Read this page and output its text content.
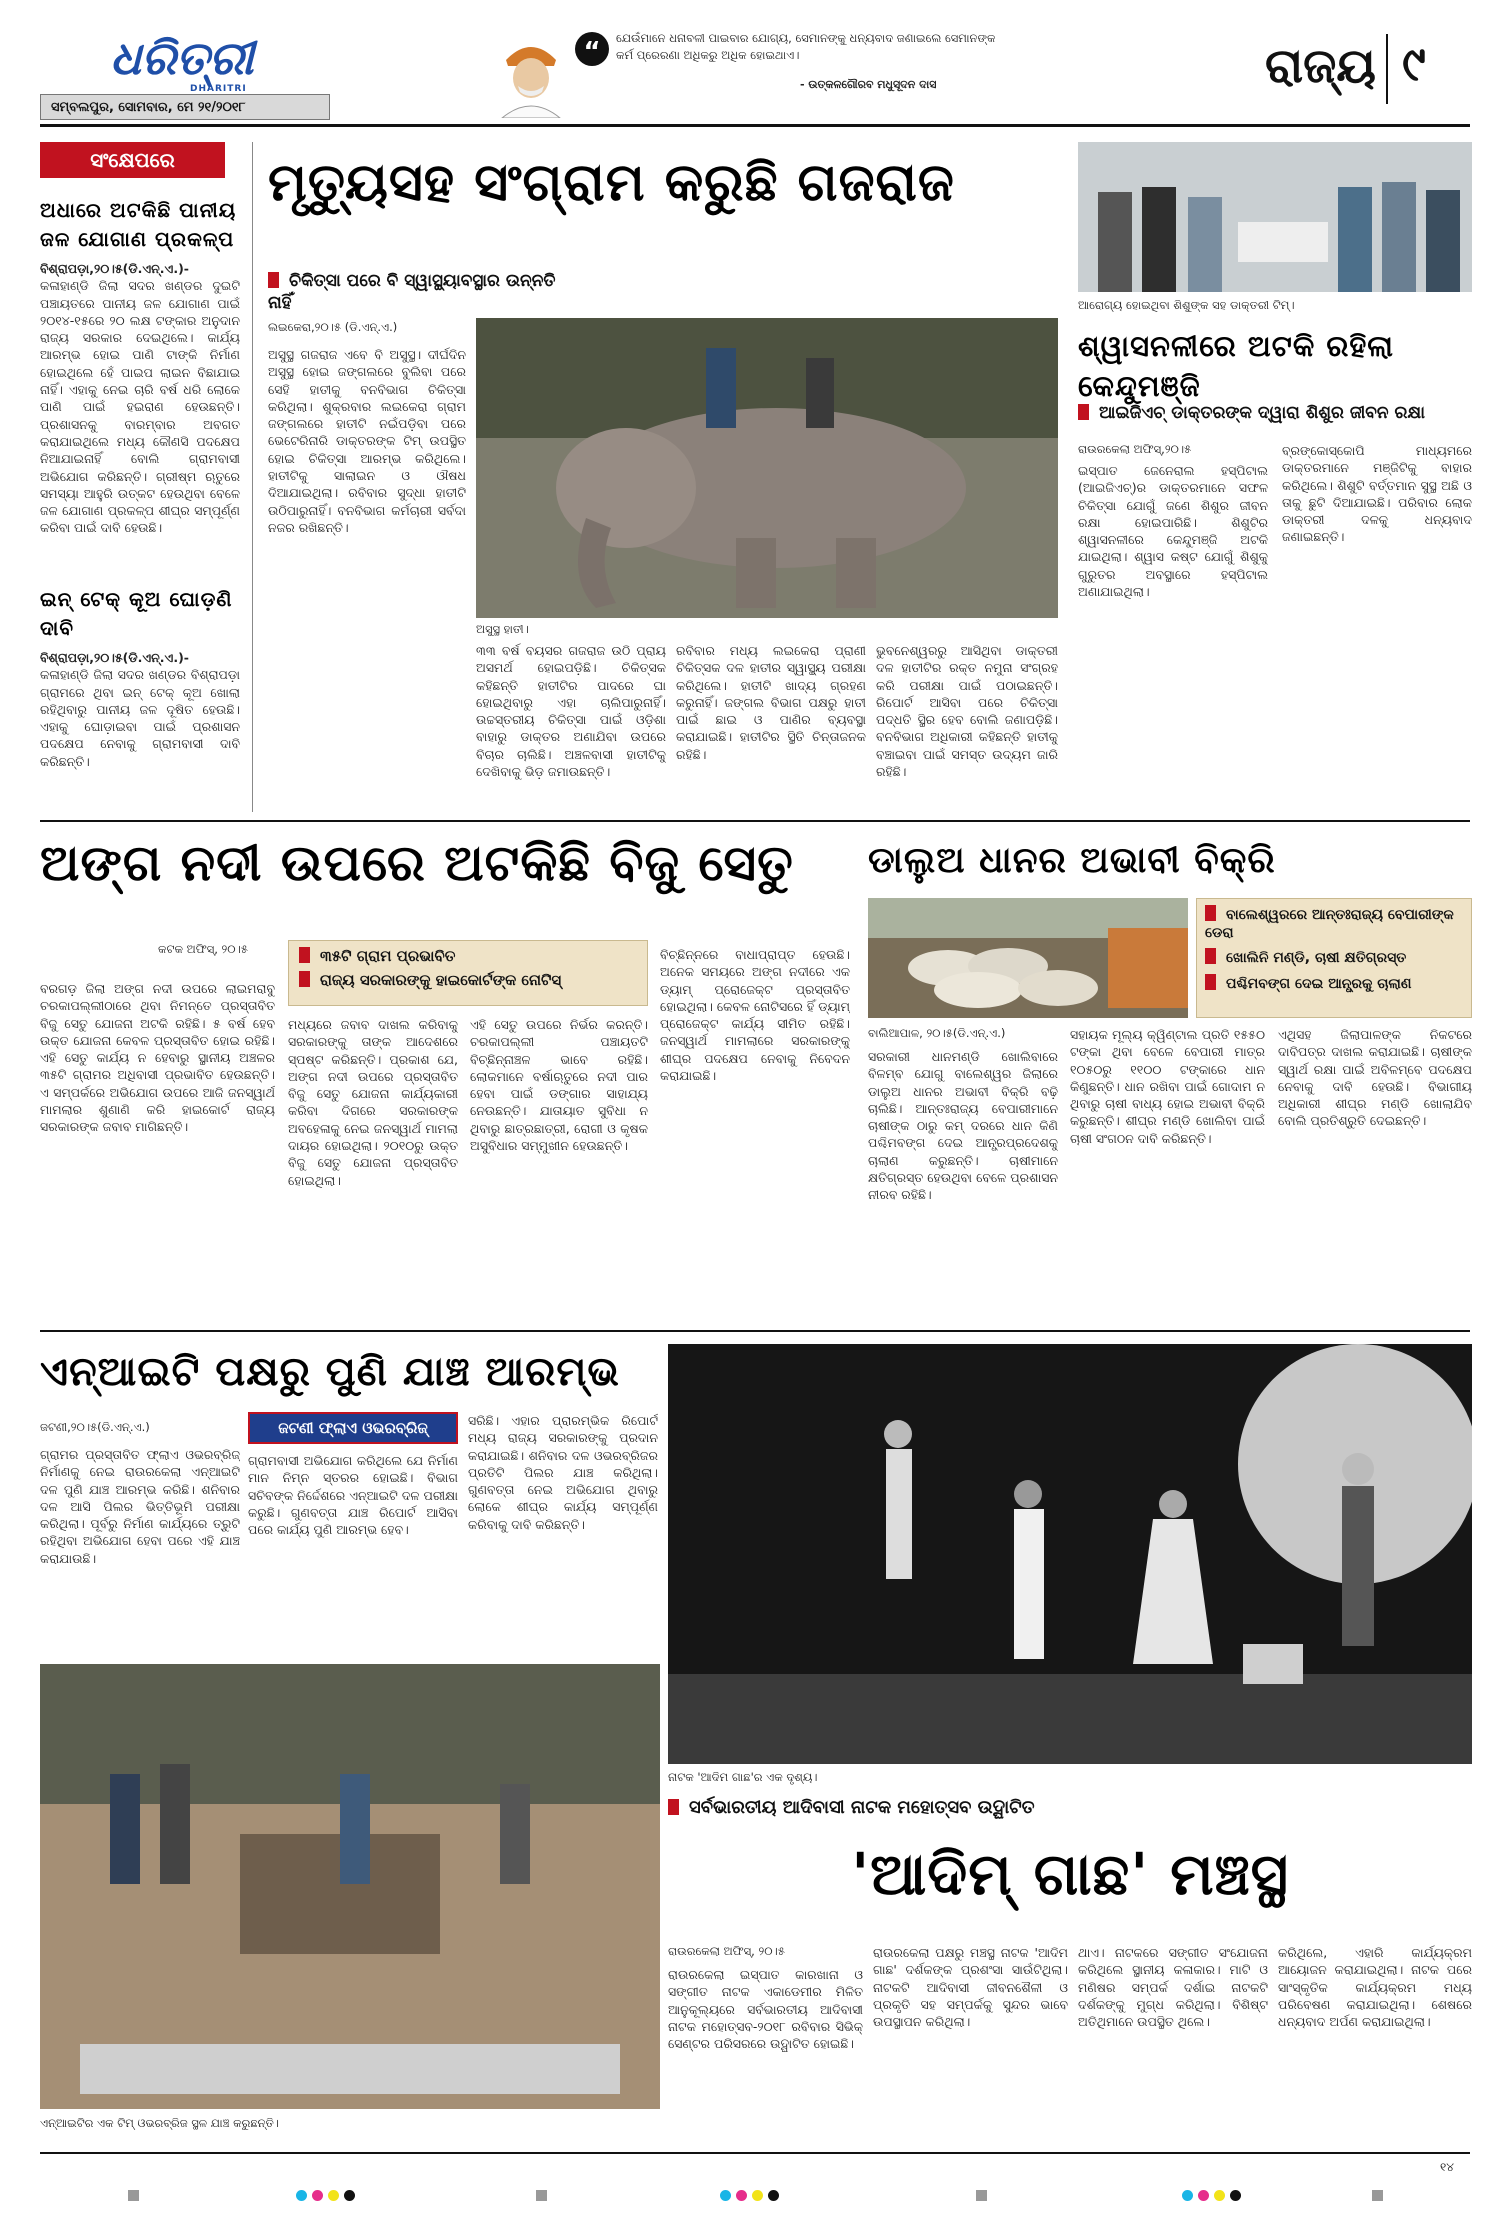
ଧରିତ୍ରୀ
DHARITRI
ସମ୍ବଲପୁର, ସୋମବାର, ମେ ୨୧/୨୦୧୮
“	ଯେଉଁମାନେ ଧନାବଳୀ ପାଇବାର ଯୋଗ୍ୟ, ସେମାନଙ୍କୁ ଧନ୍ୟବାଦ ଜଣାଇଲେ ସେମାନଙ୍କ କର୍ମ ପ୍ରେରଣା ଅଧିକରୁ ଅଧିକ ହୋଇଥାଏ।
- ଉତ୍କଳଗୌରବ ମଧୁସୂଦନ ଦାସ	ରାଜ୍ୟ ୯
ସଂକ୍ଷେପରେ
ଅଧାରେ ଅଟକିଛି ପାନୀୟ ଜଳ ଯୋଗାଣ ପ୍ରକଳ୍ପ
ବିଶ୍ରାପଡ଼ା,୨୦।୫(ଡି.ଏନ୍.ଏ.)- କଳାହାଣ୍ଡି ଜିଲା ସଦର ଖଣ୍ଡର ଦୁଇଟି ପଞ୍ଚାୟତରେ ପାନୀୟ ଜଳ ଯୋଗାଣ ପାଇଁ ୨୦୧୪-୧୫ରେ ୨୦ ଲକ୍ଷ ଟଙ୍କାର ଅନୁଦାନ ରାଜ୍ୟ ସରକାର ଦେଇଥିଲେ। କାର୍ଯ୍ୟ ଆରମ୍ଭ ହୋଇ ପାଣି ଟାଙ୍କି ନିର୍ମାଣ ହୋଇଥିଲେ ହେଁ ପାଇପ ଲାଇନ ବିଛାଯାଇ ନାହିଁ। ଏହାକୁ ନେଇ ଚାରି ବର୍ଷ ଧରି ଲୋକେ ପାଣି ପାଇଁ ହଇରାଣ ହେଉଛନ୍ତି। ପ୍ରଶାସନକୁ ବାରମ୍ବାର ଅବଗତ କରାଯାଇଥିଲେ ମଧ୍ୟ କୌଣସି ପଦକ୍ଷେପ ନିଆଯାଇନାହିଁ ବୋଲି ଗ୍ରାମବାସୀ ଅଭିଯୋଗ କରିଛନ୍ତି। ଗ୍ରୀଷ୍ମ ଋତୁରେ ସମସ୍ୟା ଆହୁରି ଉତ୍କଟ ହେଉଥିବା ବେଳେ ଜଳ ଯୋଗାଣ ପ୍ରକଳ୍ପ ଶୀଘ୍ର ସମ୍ପୂର୍ଣ୍ଣ କରିବା ପାଇଁ ଦାବି ହେଉଛି।
ଇନ୍ ଟେକ୍ କୂଅ ଘୋଡ଼ଣି ଦାବି
ବିଶ୍ରାପଡ଼ା,୨୦।୫(ଡି.ଏନ୍.ଏ.)- କଳାହାଣ୍ଡି ଜିଲା ସଦର ଖଣ୍ଡର ବିଶ୍ରାପଡ଼ା ଗ୍ରାମରେ ଥିବା ଇନ୍ ଟେକ୍ କୂଅ ଖୋଲା ରହିଥିବାରୁ ପାନୀୟ ଜଳ ଦୂଷିତ ହେଉଛି। ଏହାକୁ ଘୋଡ଼ାଇବା ପାଇଁ ପ୍ରଶାସନ ପଦକ୍ଷେପ ନେବାକୁ ଗ୍ରାମବାସୀ ଦାବି କରିଛନ୍ତି।
ମୃତ୍ୟୁସହ ସଂଗ୍ରାମ କରୁଛି ଗଜରାଜ
ଚିକିତ୍ସା ପରେ ବି ସ୍ୱାସ୍ଥ୍ୟାବସ୍ଥାର ଉନ୍ନତି ନାହିଁ
ଲଇକେରା,୨୦।୫ (ଡି.ଏନ୍.ଏ.)
ଅସୁସ୍ଥ ହାତୀ।
ଅସୁସ୍ଥ ଗଜରାଜ ଏବେ ବି ଅସୁସ୍ଥ। ଦୀର୍ଘଦିନ ଅସୁସ୍ଥ ହୋଇ ଜଙ୍ଗଲରେ ବୁଲିବା ପରେ ସେହି ହାତୀକୁ ବନବିଭାଗ ଚିକିତ୍ସା କରିଥିଲା। ଶୁକ୍ରବାର ଲଇକେରା ଗ୍ରାମ ଜଙ୍ଗଲରେ ହାତୀଟି ନଇଁପଡ଼ିବା ପରେ ଭେଟେରିନାରି ଡାକ୍ତରଙ୍କ ଟିମ୍ ଉପସ୍ଥିତ ହୋଇ ଚିକିତ୍ସା ଆରମ୍ଭ କରିଥିଲେ। ହାତୀଟିକୁ ସାଲାଇନ ଓ ଔଷଧ ଦିଆଯାଇଥିଲା। ରବିବାର ସୁଦ୍ଧା ହାତୀଟି ଉଠିପାରୁନାହିଁ। ବନବିଭାଗ କର୍ମଚାରୀ ସର୍ବଦା ନଜର ରଖିଛନ୍ତି।
୩୩ ବର୍ଷ ବୟସର ଗଜରାଜ ଉଠି ପ୍ରାୟ ଅସମର୍ଥ ହୋଇପଡ଼ିଛି। ଚିକିତ୍ସକ କହିଛନ୍ତି ହାତୀଟିର ପାଦରେ ଘା ହୋଇଥିବାରୁ ଏହା ଚାଲିପାରୁନାହିଁ। ଉଚ୍ଚସ୍ତରୀୟ ଚିକିତ୍ସା ପାଇଁ ଓଡ଼ିଶା ବାହାରୁ ଡାକ୍ତର ଅଣାଯିବା ଉପରେ ବିଚାର ଚାଲିଛି। ଅଞ୍ଚଳବାସୀ ହାତୀଟିକୁ ଦେଖିବାକୁ ଭିଡ଼ ଜମାଉଛନ୍ତି।
ରବିବାର ମଧ୍ୟ ଲଇକେରା ପ୍ରାଣୀ ଚିକିତ୍ସକ ଦଳ ହାତୀର ସ୍ୱାସ୍ଥ୍ୟ ପରୀକ୍ଷା କରିଥିଲେ। ହାତୀଟି ଖାଦ୍ୟ ଗ୍ରହଣ କରୁନାହିଁ। ଜଙ୍ଗଲ ବିଭାଗ ପକ୍ଷରୁ ହାତୀ ପାଇଁ ଛାଇ ଓ ପାଣିର ବ୍ୟବସ୍ଥା କରାଯାଇଛି। ହାତୀଟିର ସ୍ଥିତି ଚିନ୍ତାଜନକ ରହିଛି।
ଭୁବନେଶ୍ୱରରୁ ଆସିଥିବା ଡାକ୍ତରୀ ଦଳ ହାତୀଟିର ରକ୍ତ ନମୁନା ସଂଗ୍ରହ କରି ପରୀକ୍ଷା ପାଇଁ ପଠାଇଛନ୍ତି। ରିପୋର୍ଟ ଆସିବା ପରେ ଚିକିତ୍ସା ପଦ୍ଧତି ସ୍ଥିର ହେବ ବୋଲି ଜଣାପଡ଼ିଛି। ବନବିଭାଗ ଅଧିକାରୀ କହିଛନ୍ତି ହାତୀକୁ ବଞ୍ଚାଇବା ପାଇଁ ସମସ୍ତ ଉଦ୍ୟମ ଜାରି ରହିଛି।
ଆରୋଗ୍ୟ ହୋଇଥିବା ଶିଶୁଙ୍କ ସହ ଡାକ୍ତରୀ ଟିମ୍।
ଶ୍ୱାସନଳୀରେ ଅଟକି ରହିଲା କେନ୍ଦୁମଞ୍ଜି
ଆଇଜିଏଚ୍ ଡାକ୍ତରଙ୍କ ଦ୍ୱାରା ଶିଶୁର ଜୀବନ ରକ୍ଷା
ରାଉରକେଲା ଅଫିସ୍,୨୦।୫
ଇସ୍ପାତ ଜେନେରାଲ ହସ୍ପିଟାଲ (ଆଇଜିଏଚ୍)ର ଡାକ୍ତରମାନେ ସଫଳ ଚିକିତ୍ସା ଯୋଗୁଁ ଜଣେ ଶିଶୁର ଜୀବନ ରକ୍ଷା ହୋଇପାରିଛି। ଶିଶୁଟିର ଶ୍ୱାସନଳୀରେ କେନ୍ଦୁମଞ୍ଜି ଅଟକି ଯାଇଥିଲା। ଶ୍ୱାସ କଷ୍ଟ ଯୋଗୁଁ ଶିଶୁକୁ ଗୁରୁତର ଅବସ୍ଥାରେ ହସ୍ପିଟାଲ ଅଣାଯାଇଥିଲା।
ବ୍ରଙ୍କୋସ୍କୋପି ମାଧ୍ୟମରେ ଡାକ୍ତରମାନେ ମଞ୍ଜିଟିକୁ ବାହାର କରିଥିଲେ। ଶିଶୁଟି ବର୍ତ୍ତମାନ ସୁସ୍ଥ ଅଛି ଓ ତାକୁ ଛୁଟି ଦିଆଯାଇଛି। ପରିବାର ଲୋକ ଡାକ୍ତରୀ ଦଳକୁ ଧନ୍ୟବାଦ ଜଣାଇଛନ୍ତି।
ଅଙ୍ଗ ନଦୀ ଉପରେ ଅଟକିଛି ବିଜୁ ସେତୁ
କଟକ ଅଫିସ୍, ୨୦।୫	୩୫ଟି ଗ୍ରାମ ପ୍ରଭାବିତ
ରାଜ୍ୟ ସରକାରଙ୍କୁ ହାଇକୋର୍ଟଙ୍କ ନୋଟିସ୍
ବରଗଡ଼ ଜିଲା ଅଙ୍ଗ ନଦୀ ଉପରେ ଲାଇମରାବୁ ଚରକାପଲ୍ଲୀଠାରେ ଥିବା ନିମନ୍ତେ ପ୍ରସ୍ତାବିତ ବିଜୁ ସେତୁ ଯୋଜନା ଅଟକି ରହିଛି। ୫ ବର୍ଷ ହେବ ଉକ୍ତ ଯୋଜନା କେବଳ ପ୍ରସ୍ତାବିତ ହୋଇ ରହିଛି। ଏହି ସେତୁ କାର୍ଯ୍ୟ ନ ହେବାରୁ ସ୍ଥାନୀୟ ଅଞ୍ଚଳର ୩୫ଟି ଗ୍ରାମର ଅଧିବାସୀ ପ୍ରଭାବିତ ହେଉଛନ୍ତି। ଏ ସମ୍ପର୍କରେ ଅଭିଯୋଗ ଉପରେ ଆଜି ଜନସ୍ୱାର୍ଥ ମାମଲାର ଶୁଣାଣି କରି ହାଇକୋର୍ଟ ରାଜ୍ୟ ସରକାରଙ୍କ ଜବାବ ମାଗିଛନ୍ତି।
ମଧ୍ୟରେ ଜବାବ ଦାଖଲ କରିବାକୁ ସରକାରଙ୍କୁ ତାଙ୍କ ଆଦେଶରେ ସ୍ପଷ୍ଟ କରିଛନ୍ତି। ପ୍ରକାଶ ଯେ, ଅଙ୍ଗ ନଦୀ ଉପରେ ପ୍ରସ୍ତାବିତ ବିଜୁ ସେତୁ ଯୋଜନା କାର୍ଯ୍ୟକାରୀ କରିବା ଦିଗରେ ସରକାରଙ୍କ ଅବହେଳାକୁ ନେଇ ଜନସ୍ୱାର୍ଥ ମାମଲା ଦାୟର ହୋଇଥିଲା। ୨୦୧୦ରୁ ଉକ୍ତ ବିଜୁ ସେତୁ ଯୋଜନା ପ୍ରସ୍ତାବିତ ହୋଇଥିଲା।
ଏହି ସେତୁ ଉପରେ ନିର୍ଭର କରନ୍ତି। ଚରକାପଲ୍ଲୀ ପଞ୍ଚାୟତଟି ବିଚ୍ଛିନ୍ନାଞ୍ଚଳ ଭାବେ ରହିଛି। ଲୋକମାନେ ବର୍ଷାଋତୁରେ ନଦୀ ପାର ହେବା ପାଇଁ ଡଙ୍ଗାର ସାହାଯ୍ୟ ନେଉଛନ୍ତି। ଯାତାୟାତ ସୁବିଧା ନ ଥିବାରୁ ଛାତ୍ରଛାତ୍ରୀ, ରୋଗୀ ଓ କୃଷକ ଅସୁବିଧାର ସମ୍ମୁଖୀନ ହେଉଛନ୍ତି।
ବିଚ୍ଛିନ୍ନରେ ବାଧାପ୍ରାପ୍ତ ହେଉଛି। ଅନେକ ସମୟରେ ଅଙ୍ଗ ନଦୀରେ ଏକ ଡ୍ୟାମ୍ ପ୍ରୋଜେକ୍ଟ ପ୍ରସ୍ତାବିତ ହୋଇଥିଲା। କେବଳ ନୋଟିସରେ ହିଁ ଡ୍ୟାମ୍ ପ୍ରୋଜେକ୍ଟ କାର୍ଯ୍ୟ ସୀମିତ ରହିଛି। ଜନସ୍ୱାର୍ଥ ମାମଲାରେ ସରକାରଙ୍କୁ ଶୀଘ୍ର ପଦକ୍ଷେପ ନେବାକୁ ନିବେଦନ କରାଯାଇଛି।
ଡାଲୁଅ ଧାନର ଅଭାବୀ ବିକ୍ରି
ବାଲେଶ୍ୱରରେ ଆନ୍ତଃରାଜ୍ୟ ବେପାରୀଙ୍କ ଡେରା
ଖୋଲିନି ମଣ୍ଡି, ଚାଷୀ କ୍ଷତିଗ୍ରସ୍ତ
ପଶ୍ଚିମବଙ୍ଗ ଦେଇ ଆନ୍ଧ୍ରକୁ ଚାଲାଣ
ବାଲିଆପାଳ, ୨୦।୫(ଡି.ଏନ୍.ଏ.)
ସରକାରୀ ଧାନମଣ୍ଡି ଖୋଲିବାରେ ବିଳମ୍ବ ଯୋଗୁ ବାଲେଶ୍ୱର ଜିଲାରେ ଡାଲୁଅ ଧାନର ଅଭାବୀ ବିକ୍ରି ବଢ଼ି ଚାଲିଛି। ଆନ୍ତଃରାଜ୍ୟ ବେପାରୀମାନେ ଚାଷୀଙ୍କ ଠାରୁ କମ୍ ଦରରେ ଧାନ କିଣି ପଶ୍ଚିମବଙ୍ଗ ଦେଇ ଆନ୍ଧ୍ରପ୍ରଦେଶକୁ ଚାଲାଣ କରୁଛନ୍ତି। ଚାଷୀମାନେ କ୍ଷତିଗ୍ରସ୍ତ ହେଉଥିବା ବେଳେ ପ୍ରଶାସନ ନୀରବ ରହିଛି।
ସହାୟକ ମୂଲ୍ୟ କ୍ୱିଣ୍ଟାଲ ପ୍ରତି ୧୫୫୦ ଟଙ୍କା ଥିବା ବେଳେ ବେପାରୀ ମାତ୍ର ୧୦୫୦ରୁ ୧୧୦୦ ଟଙ୍କାରେ ଧାନ କିଣୁଛନ୍ତି। ଧାନ ରଖିବା ପାଇଁ ଗୋଦାମ ନ ଥିବାରୁ ଚାଷୀ ବାଧ୍ୟ ହୋଇ ଅଭାବୀ ବିକ୍ରି କରୁଛନ୍ତି। ଶୀଘ୍ର ମଣ୍ଡି ଖୋଲିବା ପାଇଁ ଚାଷୀ ସଂଗଠନ ଦାବି କରିଛନ୍ତି।
ଏଥିସହ ଜିଲାପାଳଙ୍କ ନିକଟରେ ଦାବିପତ୍ର ଦାଖଲ କରାଯାଇଛି। ଚାଷୀଙ୍କ ସ୍ୱାର୍ଥ ରକ୍ଷା ପାଇଁ ଅବିଳମ୍ବେ ପଦକ୍ଷେପ ନେବାକୁ ଦାବି ହେଉଛି। ବିଭାଗୀୟ ଅଧିକାରୀ ଶୀଘ୍ର ମଣ୍ଡି ଖୋଲାଯିବ ବୋଲି ପ୍ରତିଶ୍ରୁତି ଦେଇଛନ୍ତି।
ଏନ୍ଆଇଟି ପକ୍ଷରୁ ପୁଣି ଯାଞ୍ଚ ଆରମ୍ଭ
ଜଟଣୀ,୨୦।୫(ଡି.ଏନ୍.ଏ.)	ଜଟଣୀ ଫ୍ଲାଏ ଓଭରବ୍ରିଜ୍
ଗ୍ରାମର ପ୍ରସ୍ତାବିତ ଫ୍ଲାଏ ଓଭରବ୍ରିଜ୍ ନିର୍ମାଣକୁ ନେଇ ରାଉରକେଲା ଏନ୍ଆଇଟି ଦଳ ପୁଣି ଯାଞ୍ଚ ଆରମ୍ଭ କରିଛି। ଶନିବାର ଦଳ ଆସି ପିଲର ଭିତ୍ତିଭୂମି ପରୀକ୍ଷା କରିଥିଲା। ପୂର୍ବରୁ ନିର୍ମାଣ କାର୍ଯ୍ୟରେ ତ୍ରୁଟି ରହିଥିବା ଅଭିଯୋଗ ହେବା ପରେ ଏହି ଯାଞ୍ଚ କରାଯାଉଛି।
ଗ୍ରାମବାସୀ ଅଭିଯୋଗ କରିଥିଲେ ଯେ ନିର୍ମାଣ ମାନ ନିମ୍ନ ସ୍ତରର ହୋଇଛି। ବିଭାଗ ସଚିବଙ୍କ ନିର୍ଦ୍ଦେଶରେ ଏନ୍ଆଇଟି ଦଳ ପରୀକ୍ଷା କରୁଛି। ଗୁଣବତ୍ତା ଯାଞ୍ଚ ରିପୋର୍ଟ ଆସିବା ପରେ କାର୍ଯ୍ୟ ପୁଣି ଆରମ୍ଭ ହେବ।
ସରିଛି। ଏହାର ପ୍ରାରମ୍ଭିକ ରିପୋର୍ଟ ମଧ୍ୟ ରାଜ୍ୟ ସରକାରଙ୍କୁ ପ୍ରଦାନ କରାଯାଇଛି। ଶନିବାର ଦଳ ଓଭରବ୍ରିଜର ପ୍ରତିଟି ପିଲର ଯାଞ୍ଚ କରିଥିଲା। ଗୁଣବତ୍ତା ନେଇ ଅଭିଯୋଗ ଥିବାରୁ ଲୋକେ ଶୀଘ୍ର କାର୍ଯ୍ୟ ସମ୍ପୂର୍ଣ୍ଣ କରିବାକୁ ଦାବି କରିଛନ୍ତି।
ଏନ୍ଆଇଟିର ଏକ ଟିମ୍ ଓଭରବ୍ରିଜ ସ୍ଥଳ ଯାଞ୍ଚ କରୁଛନ୍ତି।
ନାଟକ 'ଆଦିମ ଗାଛ'ର ଏକ ଦୃଶ୍ୟ।
ସର୍ବଭାରତୀୟ ଆଦିବାସୀ ନାଟକ ମହୋତ୍ସବ ଉଦ୍ଘାଟିତ
'ଆଦିମ୍ ଗାଛ' ମଞ୍ଚସ୍ଥ
ରାଉରକେଲା ଅଫିସ୍, ୨୦।୫
ରାଉରକେଲା ଇସ୍ପାତ କାରଖାନା ଓ ସଙ୍ଗୀତ ନାଟକ ଏକାଡେମୀର ମିଳିତ ଆନୁକୂଲ୍ୟରେ ସର୍ବଭାରତୀୟ ଆଦିବାସୀ ନାଟକ ମହୋତ୍ସବ-୨୦୧୮ ରବିବାର ସିଭିକ୍ ସେଣ୍ଟର ପରିସରରେ ଉଦ୍ଘାଟିତ ହୋଇଛି।
ରାଉରକେଲା ପକ୍ଷରୁ ମଞ୍ଚସ୍ଥ ନାଟକ 'ଆଦିମ ଗାଛ' ଦର୍ଶକଙ୍କ ପ୍ରଶଂସା ସାଉଁଟିଥିଲା। ନାଟକଟି ଆଦିବାସୀ ଜୀବନଶୈଳୀ ଓ ପ୍ରକୃତି ସହ ସମ୍ପର୍କକୁ ସୁନ୍ଦର ଭାବେ ଉପସ୍ଥାପନ କରିଥିଲା।
ଥାଏ। ନାଟକରେ ସଙ୍ଗୀତ ସଂଯୋଜନା କରିଥିଲେ ସ୍ଥାନୀୟ କଳାକାର। ମାଟି ଓ ମଣିଷର ସମ୍ପର୍କ ଦର୍ଶାଇ ନାଟକଟି ଦର୍ଶକଙ୍କୁ ମୁଗ୍ଧ କରିଥିଲା। ବିଶିଷ୍ଟ ଅତିଥିମାନେ ଉପସ୍ଥିତ ଥିଲେ।
କରିଥିଲେ, ଏହାରି କାର୍ଯ୍ୟକ୍ରମ ଆୟୋଜନ କରାଯାଇଥିଲା। ନାଟକ ପରେ ସାଂସ୍କୃତିକ କାର୍ଯ୍ୟକ୍ରମ ମଧ୍ୟ ପରିବେଷଣ କରାଯାଇଥିଲା। ଶେଷରେ ଧନ୍ୟବାଦ ଅର୍ପଣ କରାଯାଇଥିଲା।
୧୪
